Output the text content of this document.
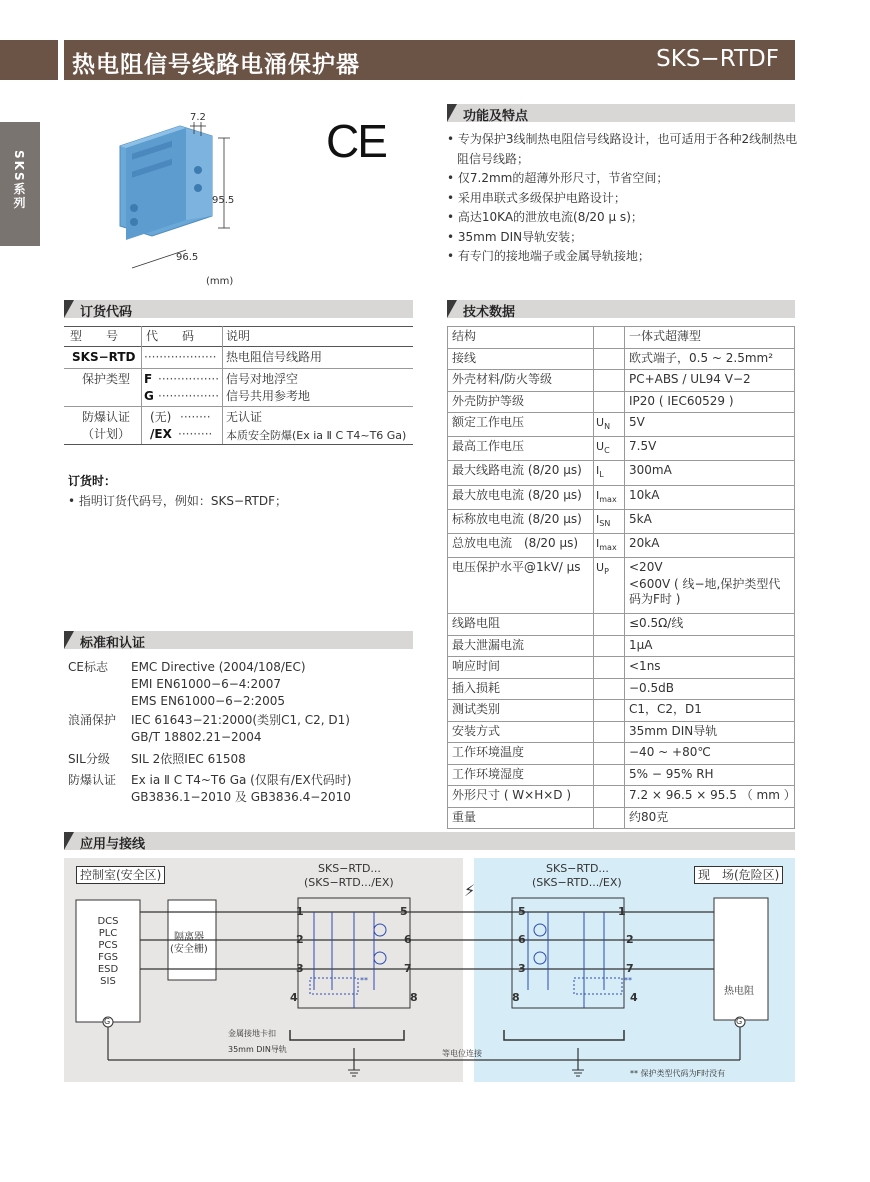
热电阻信号线路电涌保护器	SKS−RTDF
SKS系列
7.2
95.5
96.5
(mm)
CE	功能及特点
• 专为保护3线制热电阻信号线路设计，也可适用于各种2线制热电阻信号线路；
• 仅7.2mm的超薄外形尺寸，节省空间；
• 采用串联式多级保护电路设计；
• 高达10KA的泄放电流(8/20 µ s)；
• 35mm DIN导轨安装；
• 有专门的接地端子或金属导轨接地；
订货代码
型　　号 代　　码	说明
SKS−RTD ··················· 热电阻信号线路用
保护类型 F ················ 信号对地浮空
G ················ 信号共用参考地
防爆认证 (无) ········ 无认证
（计划） /EX ········· 本质安全防爆(Ex ia Ⅱ C T4~T6 Ga)
订货时：
• 指明订货代码号，例如：SKS−RTDF；
标准和认证
CE标志 EMC Directive (2004/108/EC)
EMI EN61000−6−4:2007
EMS EN61000−6−2:2005
浪涌保护 IEC 61643−21:2000(类别C1, C2, D1)
GB/T 18802.21−2004
SIL分级 SIL 2依照IEC 61508
防爆认证 Ex ia Ⅱ C T4~T6 Ga (仅限有/EX代码时)
GB3836.1−2010 及 GB3836.4−2010
技术数据
结构		一体式超薄型

接线		欧式端子，0.5 ~ 2.5mm²

外壳材料/防火等级		PC+ABS / UL94 V−2

外壳防护等级		IP20 ( IEC60529 )

额定工作电压	$U_N$	5V

最高工作电压	$U_C$	7.5V

最大线路电流 (8/20 µs)	$I_L$	300mA

最大放电电流 (8/20 µs)	$I_{max}$	10kA

标称放电电流 (8/20 µs)	$I_{SN}$	5kA

总放电电流　(8/20 µs)	$I_{max}$	20kA

电压保护水平@1kV/ µs	$U_P$	<20V
<600V ( 线−地,保护类型代
码为F时 )

线路电阻		≤0.5Ω/线

最大泄漏电流		1µA

响应时间		<1ns

插入损耗		−0.5dB

测试类别		C1，C2，D1

安装方式		35mm DIN导轨

工作环境温度		−40 ~ +80℃

工作环境湿度		5% − 95% RH

外形尺寸 ( W×H×D )		7.2 × 96.5 × 95.5 （ mm ）

重量		约80克
应用与接线
控制室(安全区)	现　场(危险区)
SKS−RTD...
(SKS−RTD.../EX)
SKS−RTD...
(SKS−RTD.../EX)
⚡
DCS
PLC
PCS
FGS
ESD
SIS
隔离器
(安全栅)
热电阻
G	G
金属接地卡扣
35mm DIN导轨	等电位连接
** 保护类型代码为F时没有
**	**
1
2
3
4
5
6
7
8
5
6
3
8
1
2
7
4
